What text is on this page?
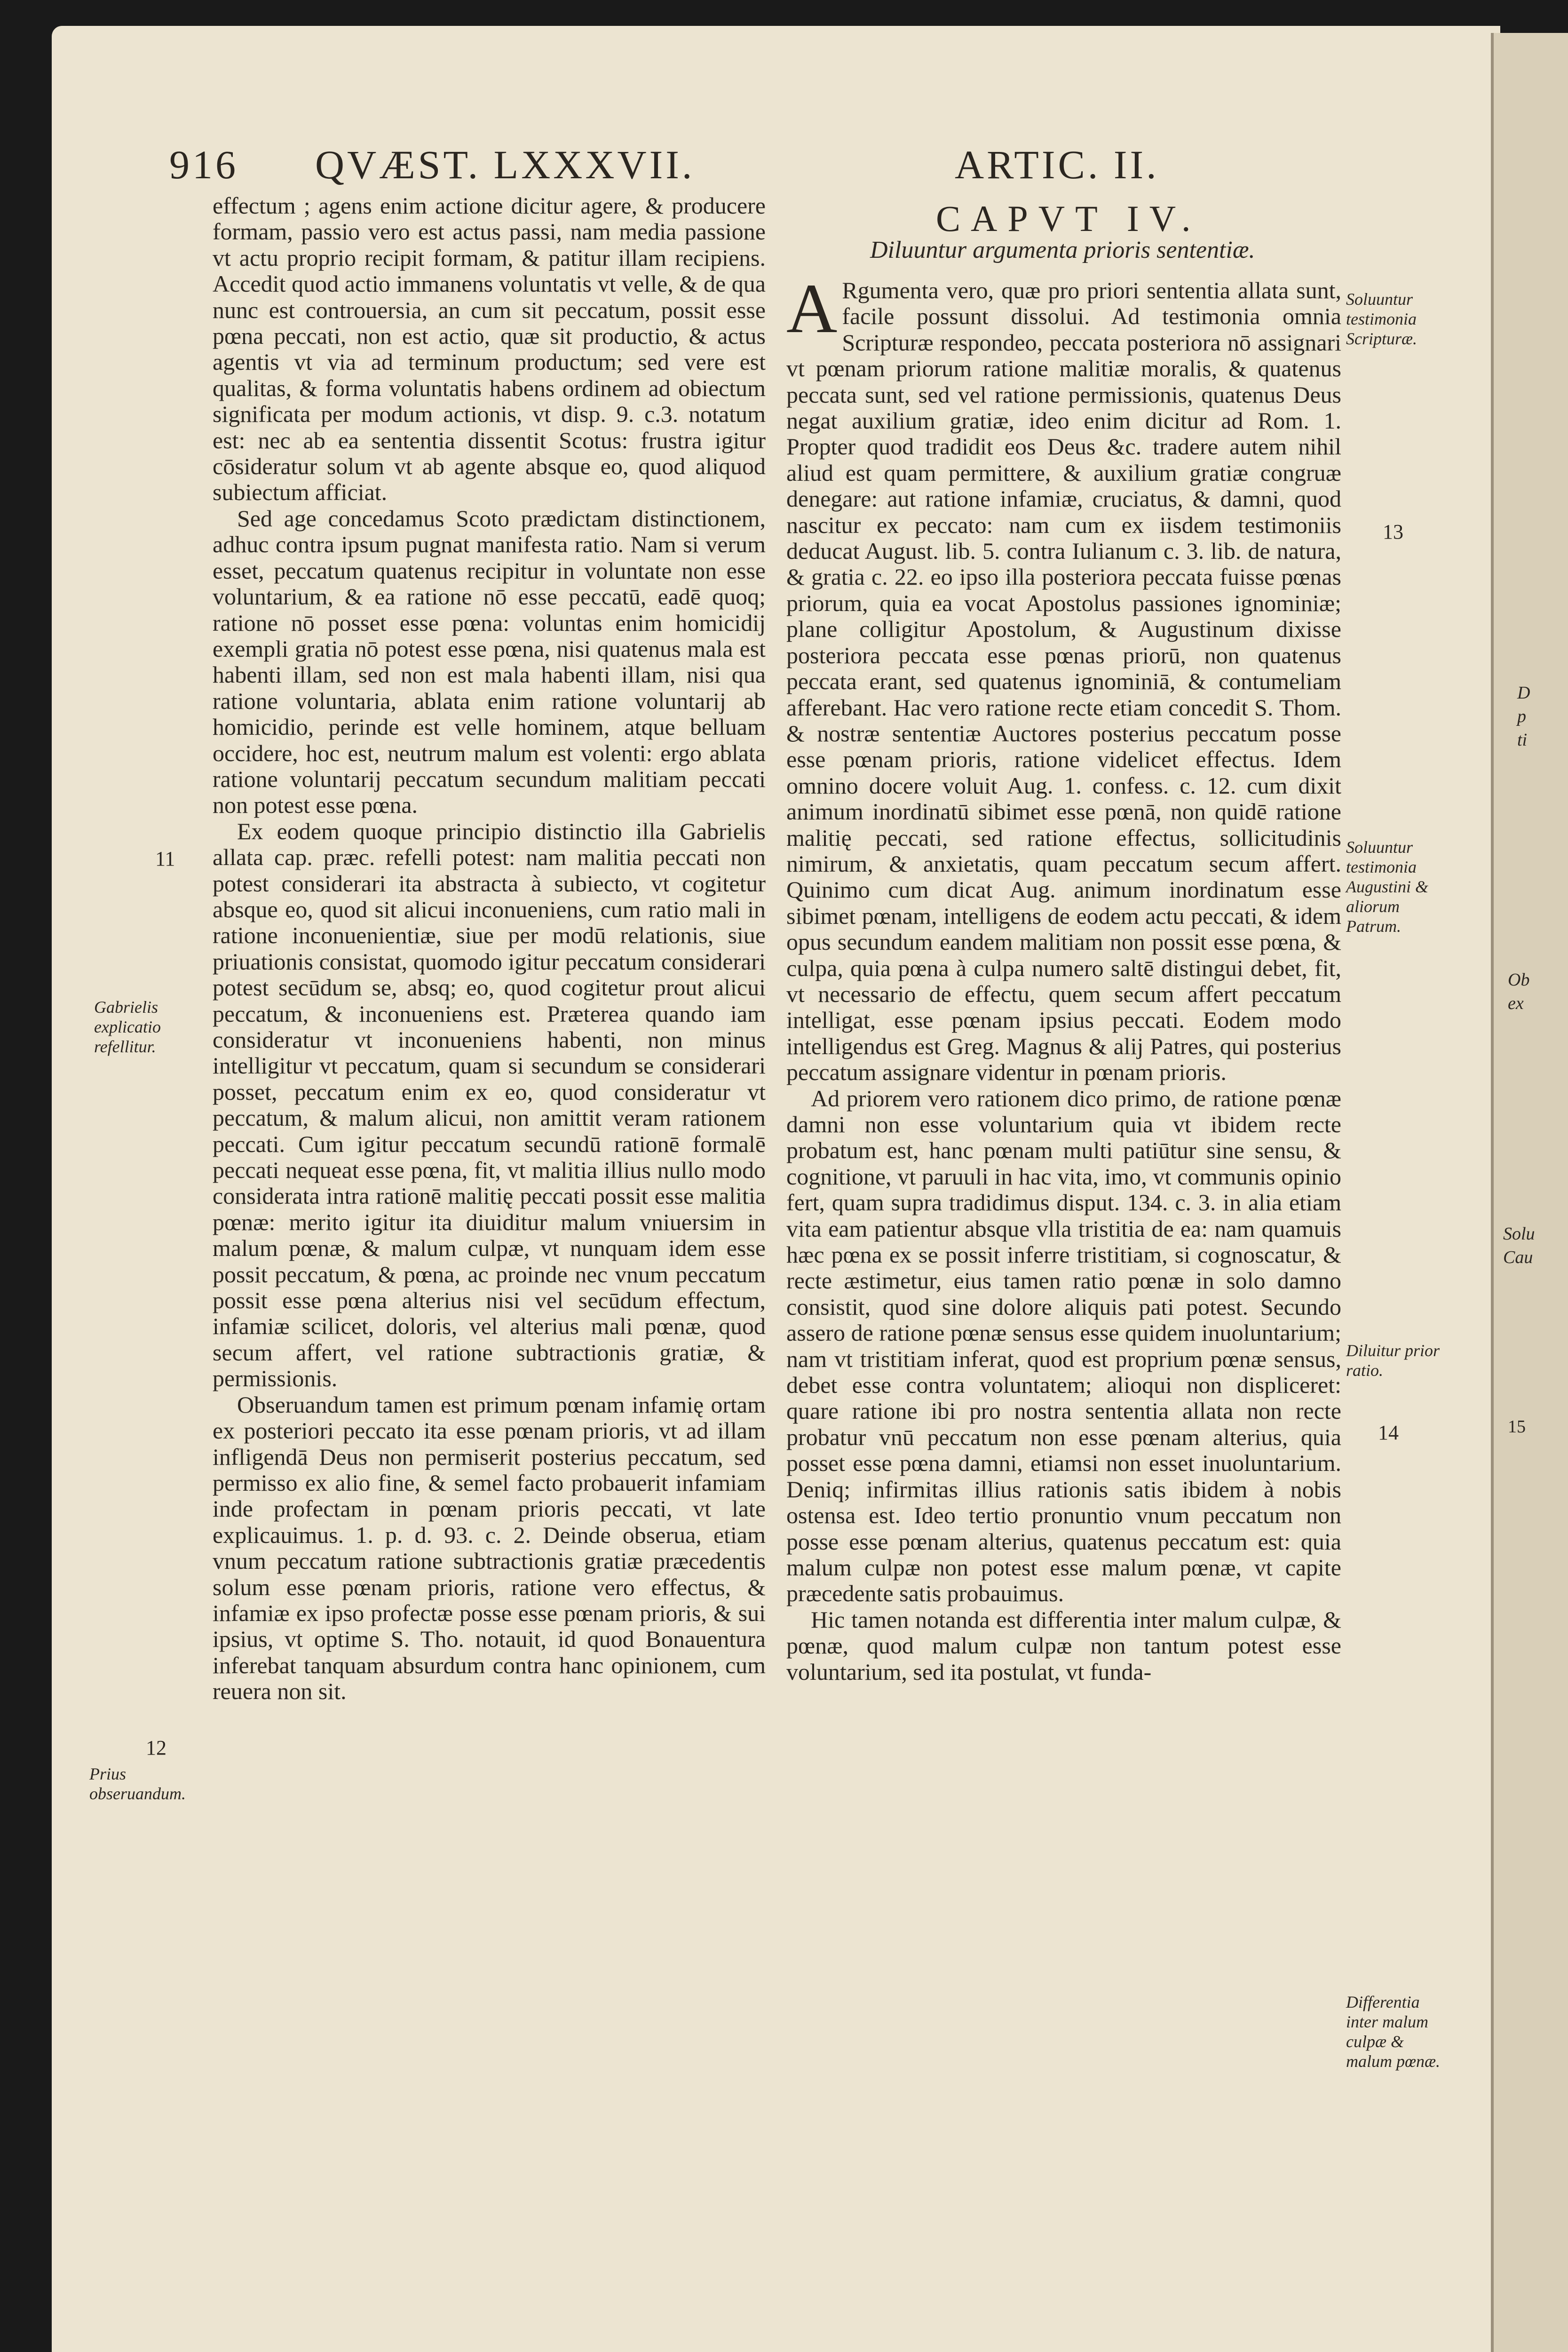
D
p
ti
Ob
ex
Solu
Cau
15
916 QVÆST. LXXXVII.	ARTIC. II.

effectum ; agens enim actione dicitur agere, & producere formam, passio vero est actus passi, nam media passione vt actu proprio recipit formam, & patitur illam recipiens. Accedit quod actio immanens voluntatis vt velle, & de qua nunc est controuersia, an cum sit peccatum, possit esse pœna peccati, non est actio, quæ sit productio, & actus agentis vt via ad terminum productum; sed vere est qualitas, & forma voluntatis habens ordinem ad obiectum significata per modum actionis, vt disp. 9. c.3. notatum est: nec ab ea sententia dissentit Scotus: frustra igitur cōsideratur solum vt ab agente absque eo, quod aliquod subiectum afficiat.

Sed age concedamus Scoto prædictam distinctionem, adhuc contra ipsum pugnat manifesta ratio. Nam si verum esset, peccatum quatenus recipitur in voluntate non esse voluntarium, & ea ratione nō esse peccatū, eadē quoq; ratione nō posset esse pœna: voluntas enim homicidij exempli gratia nō potest esse pœna, nisi quatenus mala est habenti illam, sed non est mala habenti illam, nisi qua ratione voluntaria, ablata enim ratione voluntarij ab homicidio, perinde est velle hominem, atque belluam occidere, hoc est, neutrum malum est volenti: ergo ablata ratione voluntarij peccatum secundum malitiam peccati non potest esse pœna.

Ex eodem quoque principio distinctio illa Gabrielis allata cap. præc. refelli potest: nam malitia peccati non potest considerari ita abstracta à subiecto, vt cogitetur absque eo, quod sit alicui inconueniens, cum ratio mali in ratione inconuenientiæ, siue per modū relationis, siue priuationis consistat, quomodo igitur peccatum considerari potest secūdum se, absq; eo, quod cogitetur prout alicui peccatum, & inconueniens est. Præterea quando iam consideratur vt inconueniens habenti, non minus intelligitur vt peccatum, quam si secundum se considerari posset, peccatum enim ex eo, quod consideratur vt peccatum, & malum alicui, non amittit veram rationem peccati. Cum igitur peccatum secundū rationē formalē peccati nequeat esse pœna, fit, vt malitia illius nullo modo considerata intra rationē malitię peccati possit esse malitia pœnæ: merito igitur ita diuiditur malum vniuersim in malum pœnæ, & malum culpæ, vt nunquam idem esse possit peccatum, & pœna, ac proinde nec vnum peccatum possit esse pœna alterius nisi vel secūdum effectum, infamiæ scilicet, doloris, vel alterius mali pœnæ, quod secum affert, vel ratione subtractionis gratiæ, & permissionis.

Obseruandum tamen est primum pœnam infamię ortam ex posteriori peccato ita esse pœnam prioris, vt ad illam infligendā Deus non permiserit posterius peccatum, sed permisso ex alio fine, & semel facto probauerit infamiam inde profectam in pœnam prioris peccati, vt late explicauimus. 1. p. d. 93. c. 2. Deinde obserua, etiam vnum peccatum ratione subtractionis gratiæ præcedentis solum esse pœnam prioris, ratione vero effectus, & infamiæ ex ipso profectæ posse esse pœnam prioris, & sui ipsius, vt optime S. Tho. notauit, id quod Bonauentura inferebat tanquam absurdum contra hanc opinionem, cum reuera non sit.

11
Gabrielis explicatio refellitur.
12
Prius obseruandum.
CAPVT IV.
Diluuntur argumenta prioris sententiæ.

A Rgumenta vero, quæ pro priori sententia allata sunt, facile possunt dissolui. Ad testimonia omnia Scripturæ respondeo, peccata posteriora nō assignari vt pœnam priorum ratione malitiæ moralis, & quatenus peccata sunt, sed vel ratione permissionis, quatenus Deus negat auxilium gratiæ, ideo enim dicitur ad Rom. 1. Propter quod tradidit eos Deus &c. tradere autem nihil aliud est quam permittere, & auxilium gratiæ congruæ denegare: aut ratione infamiæ, cruciatus, & damni, quod nascitur ex peccato: nam cum ex iisdem testimoniis deducat August. lib. 5. contra Iulianum c. 3. lib. de natura, & gratia c. 22. eo ipso illa posteriora peccata fuisse pœnas priorum, quia ea vocat Apostolus passiones ignominiæ; plane colligitur Apostolum, & Augustinum dixisse posteriora peccata esse pœnas priorū, non quatenus peccata erant, sed quatenus ignominiā, & contumeliam afferebant. Hac vero ratione recte etiam concedit S. Thom. & nostræ sententiæ Auctores posterius peccatum posse esse pœnam prioris, ratione videlicet effectus. Idem omnino docere voluit Aug. 1. confess. c. 12. cum dixit animum inordinatū sibimet esse pœnā, non quidē ratione malitię peccati, sed ratione effectus, sollicitudinis nimirum, & anxietatis, quam peccatum secum affert. Quinimo cum dicat Aug. animum inordinatum esse sibimet pœnam, intelligens de eodem actu peccati, & idem opus secundum eandem malitiam non possit esse pœna, & culpa, quia pœna à culpa numero saltē distingui debet, fit, vt necessario de effectu, quem secum affert peccatum intelligat, esse pœnam ipsius peccati. Eodem modo intelligendus est Greg. Magnus & alij Patres, qui posterius peccatum assignare videntur in pœnam prioris.

Ad priorem vero rationem dico primo, de ratione pœnæ damni non esse voluntarium quia vt ibidem recte probatum est, hanc pœnam multi patiūtur sine sensu, & cognitione, vt paruuli in hac vita, imo, vt communis opinio fert, quam supra tradidimus disput. 134. c. 3. in alia etiam vita eam patientur absque vlla tristitia de ea: nam quamuis hæc pœna ex se possit inferre tristitiam, si cognoscatur, & recte æstimetur, eius tamen ratio pœnæ in solo damno consistit, quod sine dolore aliquis pati potest. Secundo assero de ratione pœnæ sensus esse quidem inuoluntarium; nam vt tristitiam inferat, quod est proprium pœnæ sensus, debet esse contra voluntatem; alioqui non displiceret: quare ratione ibi pro nostra sententia allata non recte probatur vnū peccatum non esse pœnam alterius, quia posset esse pœna damni, etiamsi non esset inuoluntarium. Deniq; infirmitas illius rationis satis ibidem à nobis ostensa est. Ideo tertio pronuntio vnum peccatum non posse esse pœnam alterius, quatenus peccatum est: quia malum culpæ non potest esse malum pœnæ, vt capite præcedente satis probauimus.

Hic tamen notanda est differentia inter malum culpæ, & pœnæ, quod malum culpæ non tantum potest esse voluntarium, sed ita postulat, vt funda-

Soluuntur testimonia Scripturæ.
13
Soluuntur testimonia Augustini & aliorum Patrum.
Diluitur prior ratio.
14
Differentia inter malum culpæ & malum pœnæ.
